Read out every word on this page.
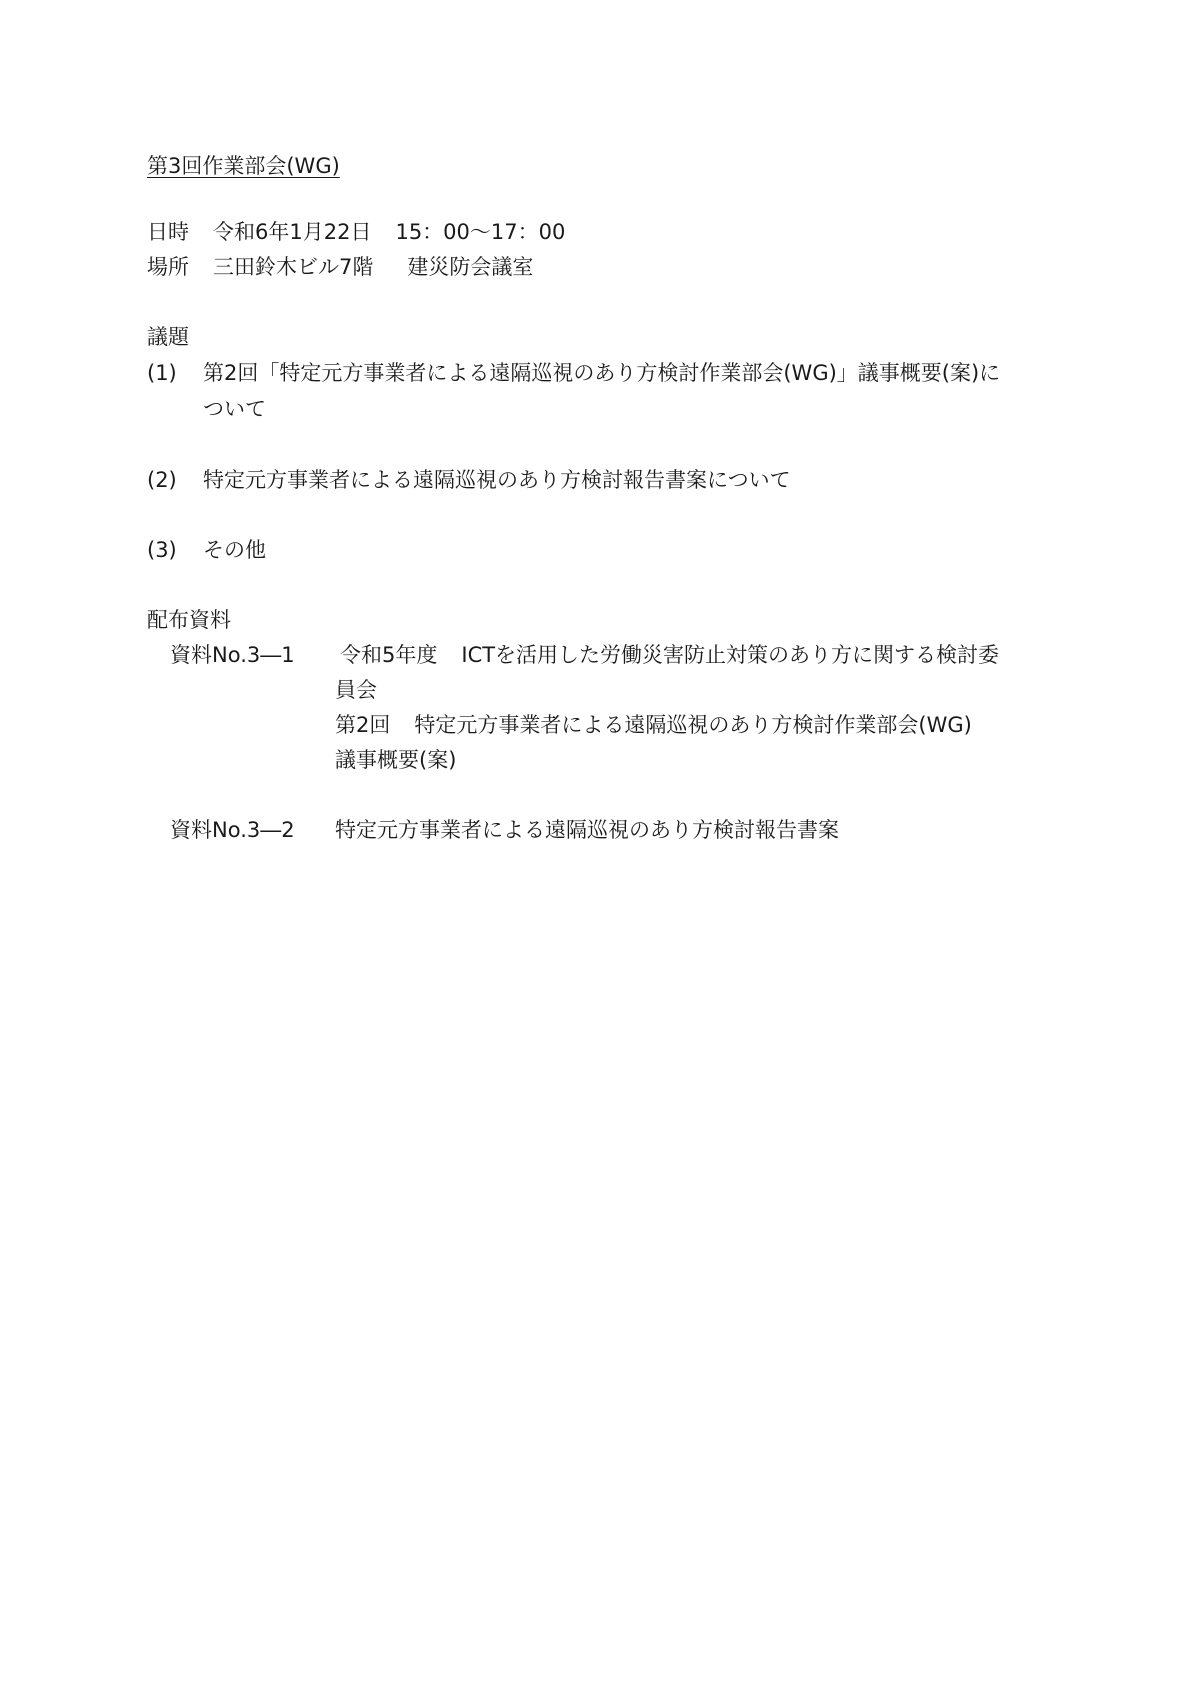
第3回作業部会(WG)
日時 令和6年1月22日 15：00～17：00
場所 三田鈴木ビル7階 建災防会議室
議題
(1) 第2回「特定元方事業者による遠隔巡視のあり方検討作業部会(WG)」議事概要(案)に
ついて
(2) 特定元方事業者による遠隔巡視のあり方検討報告書案について
(3) その他
配布資料
資料No.3―1 令和5年度 ICTを活用した労働災害防止対策のあり方に関する検討委
員会
第2回 特定元方事業者による遠隔巡視のあり方検討作業部会(WG)
議事概要(案)
資料No.3―2 特定元方事業者による遠隔巡視のあり方検討報告書案
